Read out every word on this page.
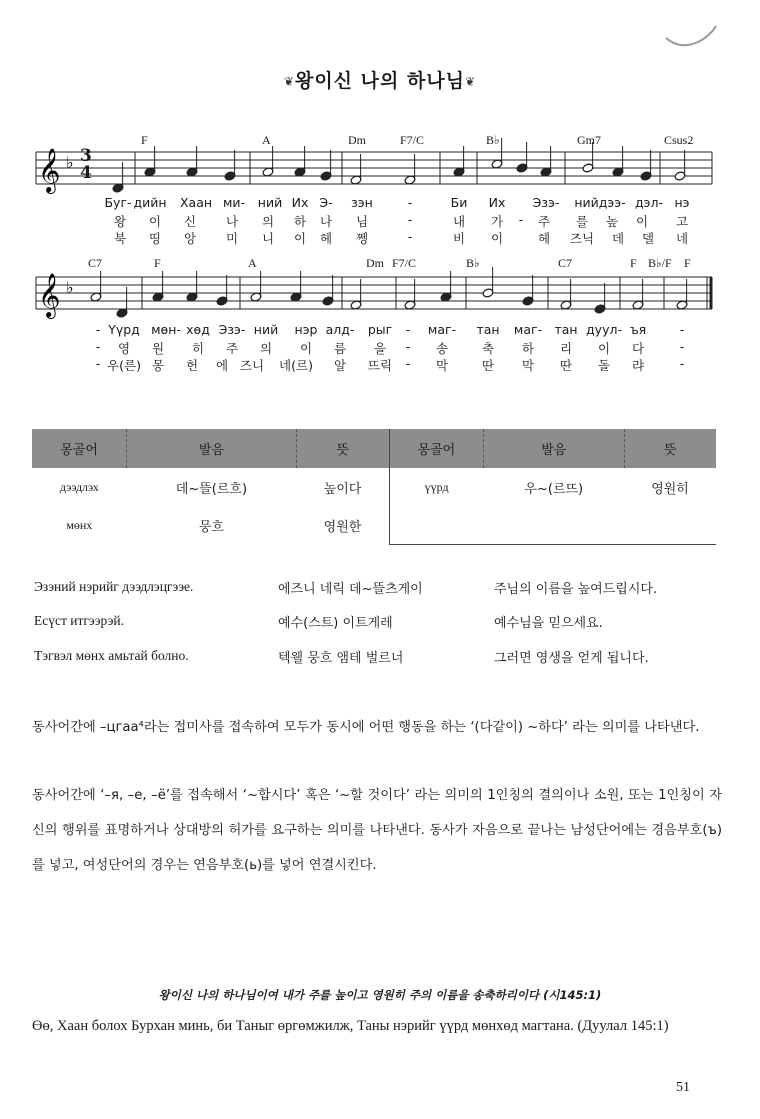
❦왕이신 나의 하나님❦
𝄞
𝄞
♭
♭
3
4
F	A	Dm	F7/C	B♭	Gm7	Csus2
Буг- дийн Хаан ми- ний Их Э- зэн	-	Би Их Эзэ- нийдээ- дэл- нэ
왕 이 신 나 의 하 나 님	-	내 가 - 주 를 높 이 고
북 띵 앙 미 니 이 헤 쩽	-	비 이	헤 즈닉 데 델 네
C7	F	A	Dm F7/C	B♭	C7	F B♭/F F
- Үүрд мөн- хөд Эзэ- ний нэр алд- рыг - маг- тан маг- тан дуул- ъя	-
- 영 원 히 주 의 이 름 을 - 송	축 하 리 이 다	-
- 우(른) 몽 헌 에 즈니 네(르) 알 뜨릭 - 막	딴 막 딴 돌 랴	-
몽골어	발음	뜻	몽골어	발음	뜻
дээдлэх	데~뜰(르흐)	높이다	үүрд	우~(르뜨)	영원히
мөнх	뭉흐	영원한			
Эзэний нэрийг дээдлэцгээе.	에즈니 네릭 데~뜰츠게이	주님의 이름을 높여드립시다.
Есүст итгээрэй.	예수(스트) 이트게레	예수님을 믿으세요.
Тэгвэл мөнх амьтай болно.	텍웰 뭉흐 앰테 벌르너	그러면 영생을 얻게 됩니다.
동사어간에 –цгаа⁴라는 접미사를 접속하여 모두가 동시에 어떤 행동을 하는 ‘(다같이) ~하다’ 라는 의미를 나타낸다.
동사어간에 ‘–я, –е, –ё’를 접속해서 ‘~합시다’ 혹은 ‘~할 것이다’ 라는 의미의 1인칭의 결의이나 소원, 또는 1인칭이 자신의 행위를 표명하거나 상대방의 허가를 요구하는 의미를 나타낸다. 동사가 자음으로 끝나는 남성단어에는 경음부호(ъ)를 넣고, 여성단어의 경우는 연음부호(ь)를 넣어 연결시킨다.
왕이신 나의 하나님이여 내가 주를 높이고 영원히 주의 이름을 송축하리이다 (시145:1)
Өө, Хаан болох Бурхан минь, би Таныг өргөмжилж, Таны нэрийг үүрд мөнхөд магтана. (Дуулал 145:1)
51
